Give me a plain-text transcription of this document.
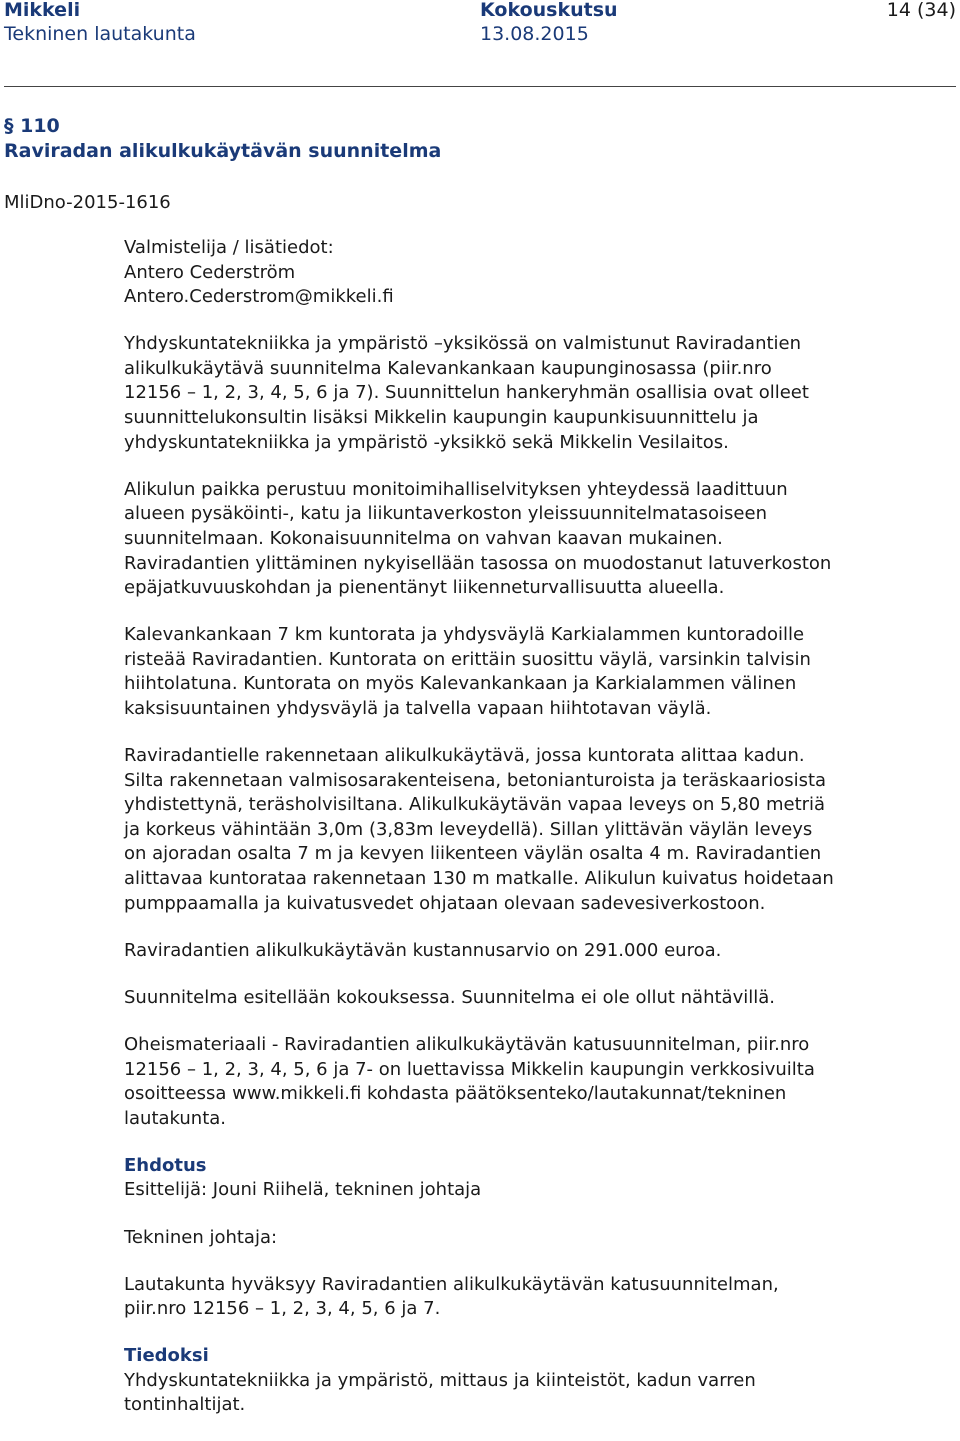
Mikkeli	Kokouskutsu	14 (34)
Tekninen lautakunta	13.08.2015
§ 110
Raviradan alikulkukäytävän suunnitelma
MliDno-2015-1616

Valmistelija / lisätiedot:
Antero Cederström
Antero.Cederstrom@mikkeli.fi

Yhdyskuntatekniikka ja ympäristö –yksikössä on valmistunut Raviradantien
alikulkukäytävä suunnitelma Kalevankankaan kaupunginosassa (piir.nro
12156 – 1, 2, 3, 4, 5, 6 ja 7). Suunnittelun hankeryhmän osallisia ovat olleet
suunnittelukonsultin lisäksi Mikkelin kaupungin kaupunkisuunnittelu ja
yhdyskuntatekniikka ja ympäristö -yksikkö sekä Mikkelin Vesilaitos.

Alikulun paikka perustuu monitoimihalliselvityksen yhteydessä laadittuun
alueen pysäköinti-, katu ja liikuntaverkoston yleissuunnitelmatasoiseen
suunnitelmaan. Kokonaisuunnitelma on vahvan kaavan mukainen.
Raviradantien ylittäminen nykyisellään tasossa on muodostanut latuverkoston
epäjatkuvuuskohdan ja pienentänyt liikenneturvallisuutta alueella.

Kalevankankaan 7 km kuntorata ja yhdysväylä Karkialammen kuntoradoille
risteää Raviradantien. Kuntorata on erittäin suosittu väylä, varsinkin talvisin
hiihtolatuna. Kuntorata on myös Kalevankankaan ja Karkialammen välinen
kaksisuuntainen yhdysväylä ja talvella vapaan hiihtotavan väylä.

Raviradantielle rakennetaan alikulkukäytävä, jossa kuntorata alittaa kadun.
Silta rakennetaan valmisosarakenteisena, betonianturoista ja teräskaariosista
yhdistettynä, teräsholvisiltana. Alikulkukäytävän vapaa leveys on 5,80 metriä
ja korkeus vähintään 3,0m (3,83m leveydellä). Sillan ylittävän väylän leveys
on ajoradan osalta 7 m ja kevyen liikenteen väylän osalta 4 m. Raviradantien
alittavaa kuntorataa rakennetaan 130 m matkalle. Alikulun kuivatus hoidetaan
pumppaamalla ja kuivatusvedet ohjataan olevaan sadevesiverkostoon.

Raviradantien alikulkukäytävän kustannusarvio on 291.000 euroa.

Suunnitelma esitellään kokouksessa. Suunnitelma ei ole ollut nähtävillä.

Oheismateriaali - Raviradantien alikulkukäytävän katusuunnitelman, piir.nro
12156 – 1, 2, 3, 4, 5, 6 ja 7- on luettavissa Mikkelin kaupungin verkkosivuilta
osoitteessa www.mikkeli.fi kohdasta päätöksenteko/lautakunnat/tekninen
lautakunta.

Ehdotus
Esittelijä: Jouni Riihelä, tekninen johtaja

Tekninen johtaja:

Lautakunta hyväksyy Raviradantien alikulkukäytävän katusuunnitelman,
piir.nro 12156 – 1, 2, 3, 4, 5, 6 ja 7.

Tiedoksi
Yhdyskuntatekniikka ja ympäristö, mittaus ja kiinteistöt, kadun varren
tontinhaltijat.
